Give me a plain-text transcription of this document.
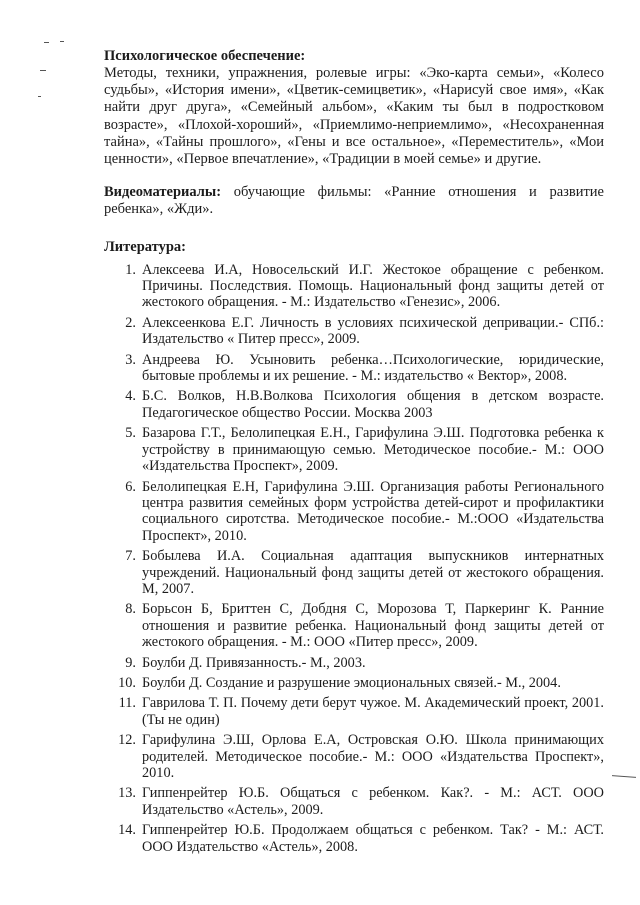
Психологическое обеспечение:

Методы, техники, упражнения, ролевые игры: «Эко-карта семьи», «Колесо судьбы», «История имени», «Цветик-семицветик», «Нарисуй свое имя», «Как найти друг друга», «Семейный альбом», «Каким ты был в подростковом возрасте», «Плохой-хороший», «Приемлимо-неприемлимо», «Несохраненная тайна», «Тайны прошлого», «Гены и все остальное», «Переместитель», «Мои ценности», «Первое впечатление», «Традиции в моей семье» и другие.

Видеоматериалы: обучающие фильмы: «Ранние отношения и развитие ребенка», «Жди».

Литература:

1. Алексеева И.А, Новосельский И.Г. Жестокое обращение с ребенком. Причины. Последствия. Помощь. Национальный фонд защиты детей от жестокого обращения. - М.: Издательство «Генезис», 2006.
2. Алексеенкова Е.Г. Личность в условиях психической депривации.- СПб.: Издательство « Питер пресс», 2009.
3. Андреева Ю. Усыновить ребенка…Психологические, юридические, бытовые проблемы и их решение. - М.: издательство « Вектор», 2008.
4. Б.С. Волков, Н.В.Волкова Психология общения в детском возрасте. Педагогическое общество России. Москва 2003
5. Базарова Г.Т., Белолипецкая Е.Н., Гарифулина Э.Ш. Подготовка ребенка к устройству в принимающую семью. Методическое пособие.- М.: ООО «Издательства Проспект», 2009.
6. Белолипецкая Е.Н, Гарифулина Э.Ш. Организация работы Регионального центра развития семейных форм устройства детей-сирот и профилактики социального сиротства. Методическое пособие.- М.:ООО «Издательства Проспект», 2010.
7. Бобылева И.А. Социальная адаптация выпускников интернатных учреждений. Национальный фонд защиты детей от жестокого обращения. М, 2007.
8. Борьсон Б, Бриттен С, Добдня С, Морозова Т, Паркеринг К. Ранние отношения и развитие ребенка. Национальный фонд защиты детей от жестокого обращения. - М.: ООО «Питер пресс», 2009.
9. Боулби Д. Привязанность.- М., 2003.
10. Боулби Д. Создание и разрушение эмоциональных связей.- М., 2004.
11. Гаврилова Т. П. Почему дети берут чужое. М. Академический проект, 2001. (Ты не один)
12. Гарифулина Э.Ш, Орлова Е.А, Островская О.Ю. Школа принимающих родителей. Методическое пособие.- М.: ООО «Издательства Проспект», 2010.
13. Гиппенрейтер Ю.Б. Общаться с ребенком. Как?. - М.: АСТ. ООО Издательство «Астель», 2009.
14. Гиппенрейтер Ю.Б. Продолжаем общаться с ребенком. Так? - М.: АСТ. ООО Издательство «Астель», 2008.
